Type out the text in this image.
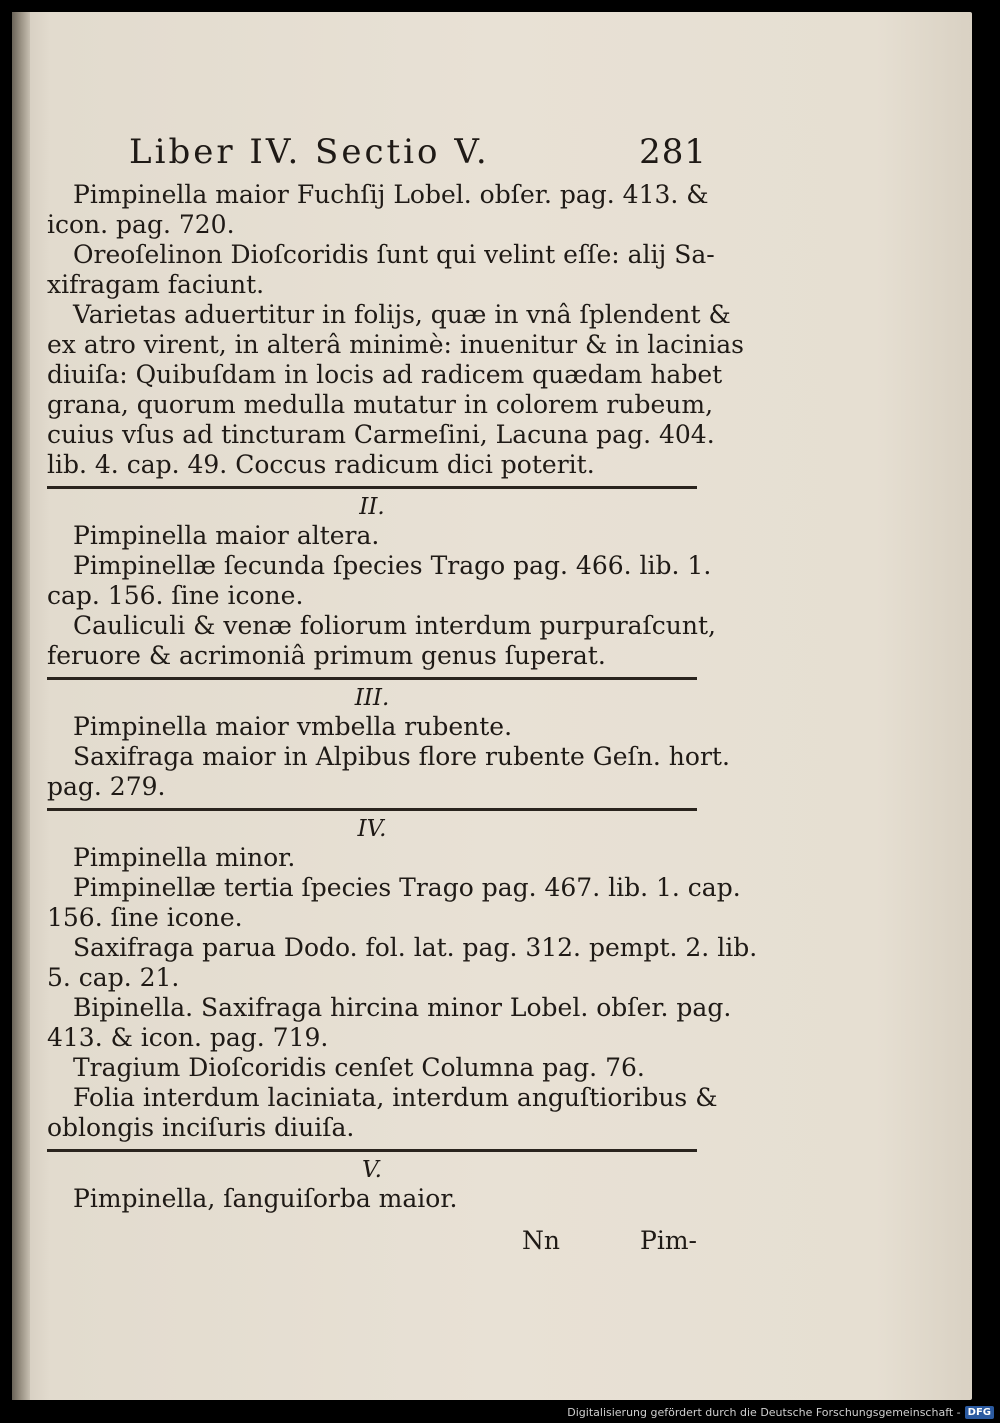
Liber IV. Sectio V.	281
Pimpinella maior Fuchſij Lobel. obſer. pag. 413. &
icon. pag. 720.
Oreoſelinon Dioſcoridis ſunt qui velint eſſe: alij Sa-
xifragam faciunt.
Varietas aduertitur in folijs, quæ in vnâ ſplendent &
ex atro virent, in alterâ minimè: inuenitur & in lacinias
diuiſa: Quibuſdam in locis ad radicem quædam habet
grana, quorum medulla mutatur in colorem rubeum,
cuius vſus ad tincturam Carmeſini, Lacuna pag. 404.
lib. 4. cap. 49. Coccus radicum dici poterit.
II.
Pimpinella maior altera.
Pimpinellæ ſecunda ſpecies Trago pag. 466. lib. 1.
cap. 156. ſine icone.
Cauliculi & venæ foliorum interdum purpuraſcunt,
feruore & acrimoniâ primum genus ſuperat.
III.
Pimpinella maior vmbella rubente.
Saxifraga maior in Alpibus flore rubente Geſn. hort.
pag. 279.
IV.
Pimpinella minor.
Pimpinellæ tertia ſpecies Trago pag. 467. lib. 1. cap.
156. ſine icone.
Saxifraga parua Dodo. fol. lat. pag. 312. pempt. 2. lib.
5. cap. 21.
Bipinella. Saxifraga hircina minor Lobel. obſer. pag.
413. & icon. pag. 719.
Tragium Dioſcoridis cenſet Columna pag. 76.
Folia interdum laciniata, interdum anguſtioribus &
oblongis inciſuris diuiſa.
V.
Pimpinella, ſanguiſorba maior.
Nn	Pim-
Digitalisierung gefördert durch die Deutsche Forschungsgemeinschaft - DFG
